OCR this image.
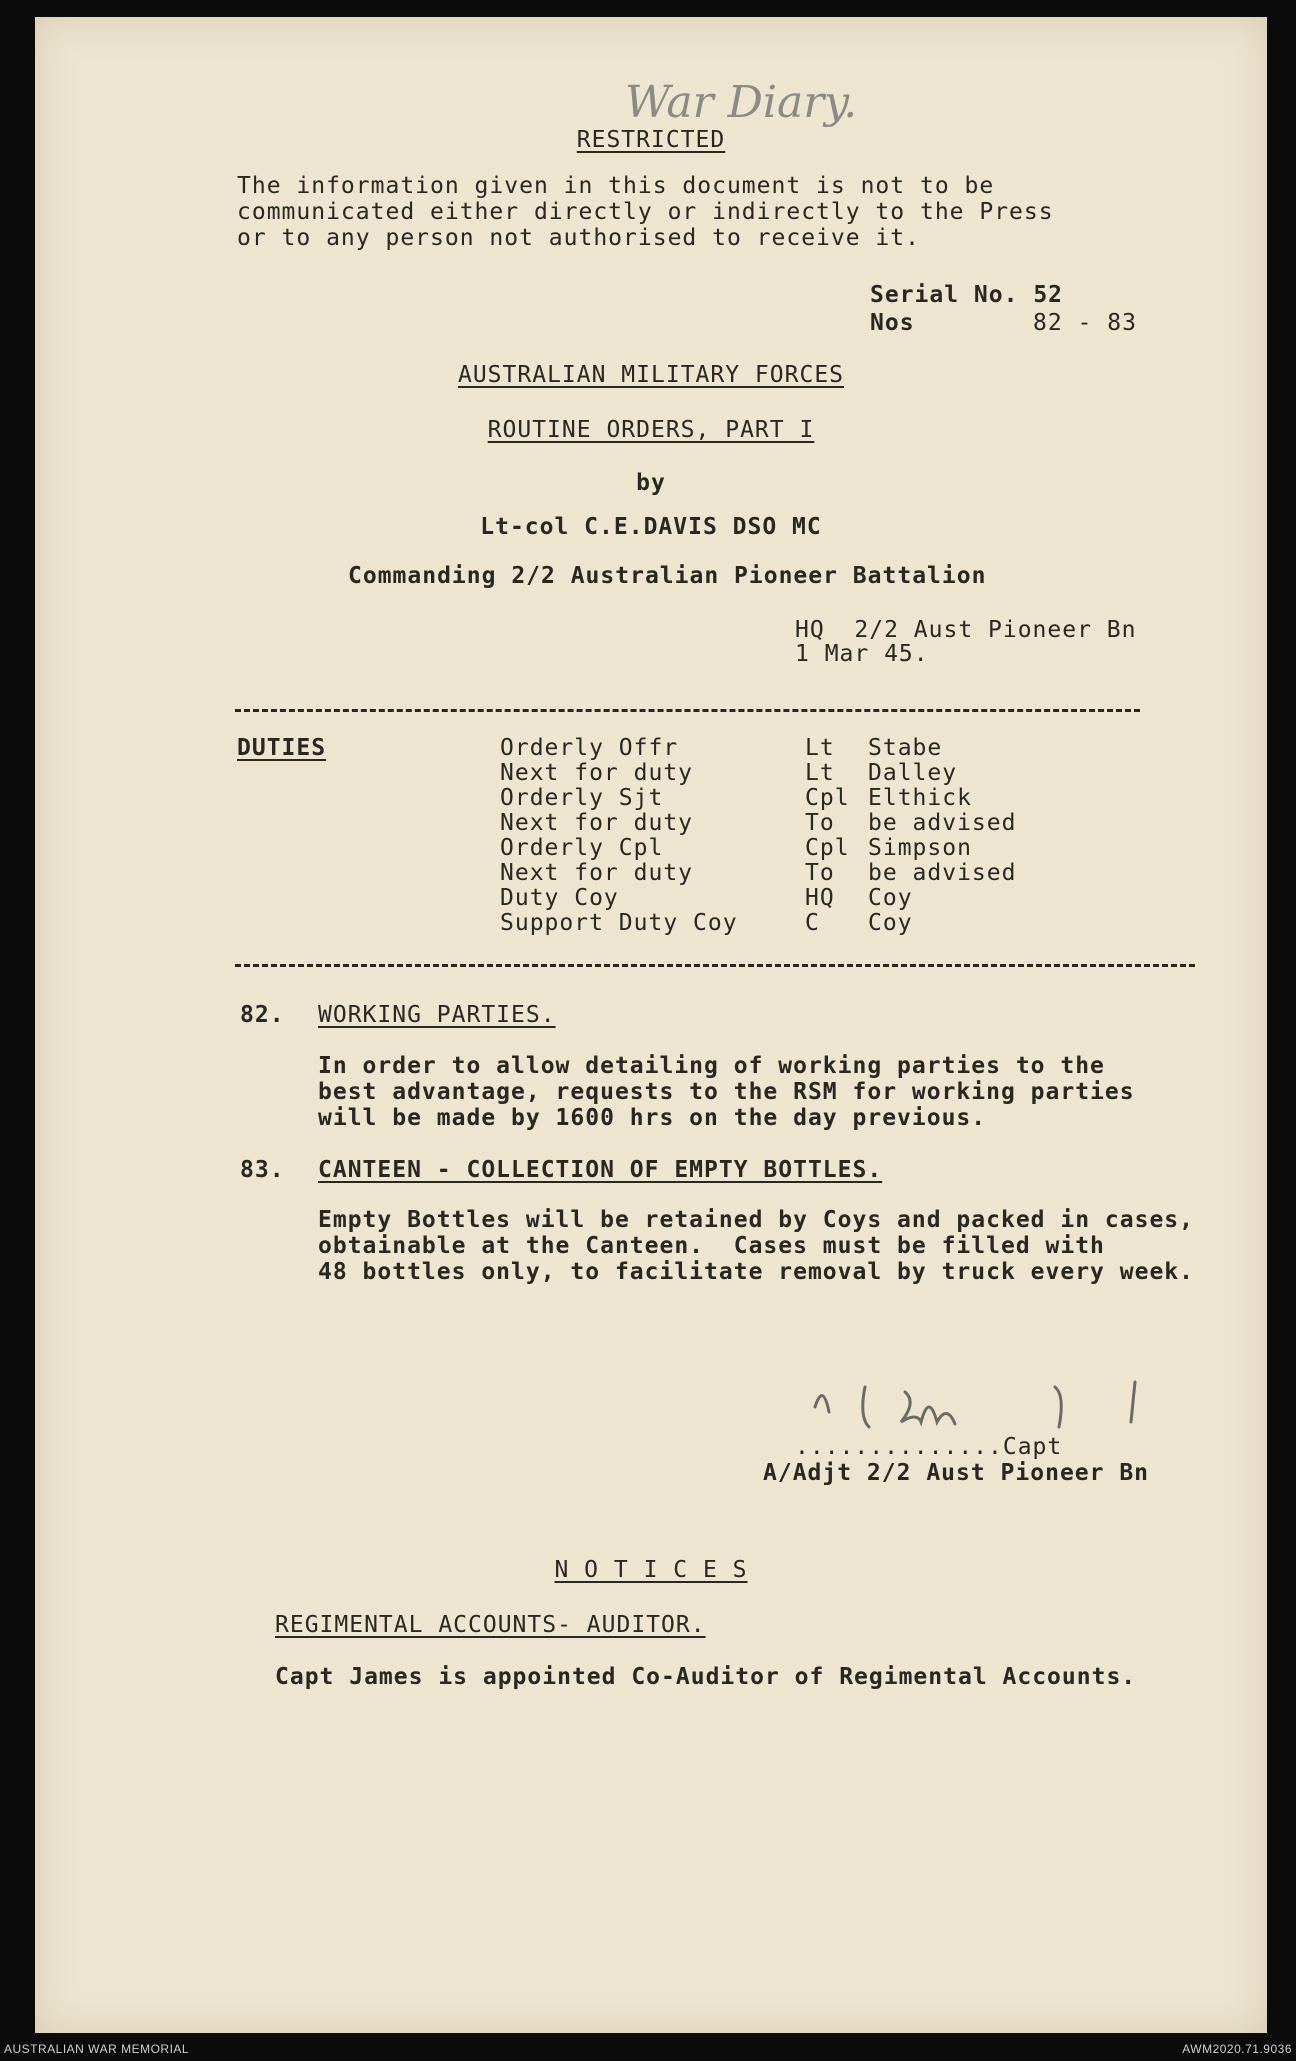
War Diary.
RESTRICTED
The information given in this document is not to be
communicated either directly or indirectly to the Press
or to any person not authorised to receive it.
Serial No. 52
Nos	82 - 83
AUSTRALIAN MILITARY FORCES
ROUTINE ORDERS, PART I
by
Lt-col C.E.DAVIS DSO MC
Commanding 2/2 Australian Pioneer Battalion
HQ  2/2 Aust Pioneer Bn
1 Mar 45.
DUTIES	Orderly Offr	Lt Stabe
Next for duty	Lt Dalley
Orderly Sjt	Cpl Elthick
Next for duty	To be advised
Orderly Cpl	Cpl Simpson
Next for duty	To be advised
Duty Coy	HQ Coy
Support Duty Coy	C Coy
82. WORKING PARTIES.
In order to allow detailing of working parties to the
best advantage, requests to the RSM for working parties
will be made by 1600 hrs on the day previous.
83. CANTEEN - COLLECTION OF EMPTY BOTTLES.
Empty Bottles will be retained by Coys and packed in cases,
obtainable at the Canteen.  Cases must be filled with
48 bottles only, to facilitate removal by truck every week.
..............Capt
A/Adjt 2/2 Aust Pioneer Bn
N O T I C E S
REGIMENTAL ACCOUNTS- AUDITOR.
Capt James is appointed Co-Auditor of Regimental Accounts.
AUSTRALIAN WAR MEMORIAL	AWM2020.71.9036
